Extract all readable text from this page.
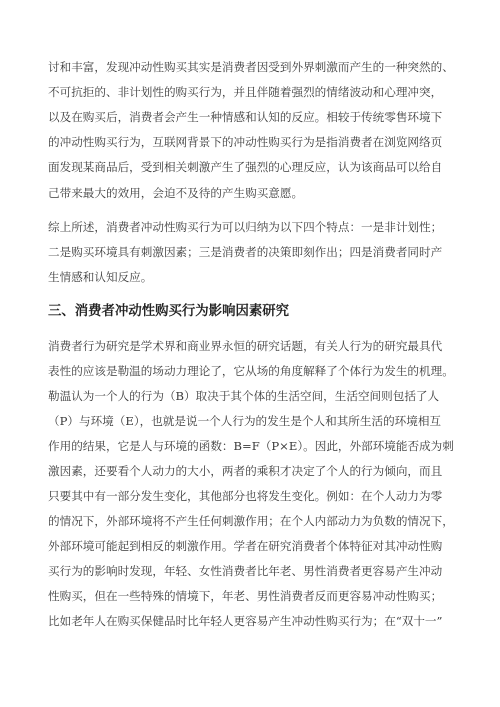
讨和丰富，发现冲动性购买其实是消费者因受到外界刺激而产生的一种突然的、
不可抗拒的、非计划性的购买行为，并且伴随着强烈的情绪波动和心理冲突，
以及在购买后，消费者会产生一种情感和认知的反应。相较于传统零售环境下
的冲动性购买行为，互联网背景下的冲动性购买行为是指消费者在浏览网络页
面发现某商品后，受到相关刺激产生了强烈的心理反应，认为该商品可以给自
己带来最大的效用，会迫不及待的产生购买意愿。
综上所述，消费者冲动性购买行为可以归纳为以下四个特点：一是非计划性；
二是购买环境具有刺激因素；三是消费者的决策即刻作出；四是消费者同时产
生情感和认知反应。
三、消费者冲动性购买行为影响因素研究
消费者行为研究是学术界和商业界永恒的研究话题，有关人行为的研究最具代
表性的应该是勒温的场动力理论了，它从场的角度解释了个体行为发生的机理。
勒温认为一个人的行为（B）取决于其个体的生活空间，生活空间则包括了人
（P）与环境（E），也就是说一个人行为的发生是个人和其所生活的环境相互
作用的结果，它是人与环境的函数：B=F（P×E）。因此，外部环境能否成为刺
激因素，还要看个人动力的大小，两者的乘积才决定了个人的行为倾向，而且
只要其中有一部分发生变化，其他部分也将发生变化。例如：在个人动力为零
的情况下，外部环境将不产生任何刺激作用；在个人内部动力为负数的情况下，
外部环境可能起到相反的刺激作用。学者在研究消费者个体特征对其冲动性购
买行为的影响时发现，年轻、女性消费者比年老、男性消费者更容易产生冲动
性购买，但在一些特殊的情境下，年老、男性消费者反而更容易冲动性购买；
比如老年人在购买保健品时比年轻人更容易产生冲动性购买行为；在“双十一”
